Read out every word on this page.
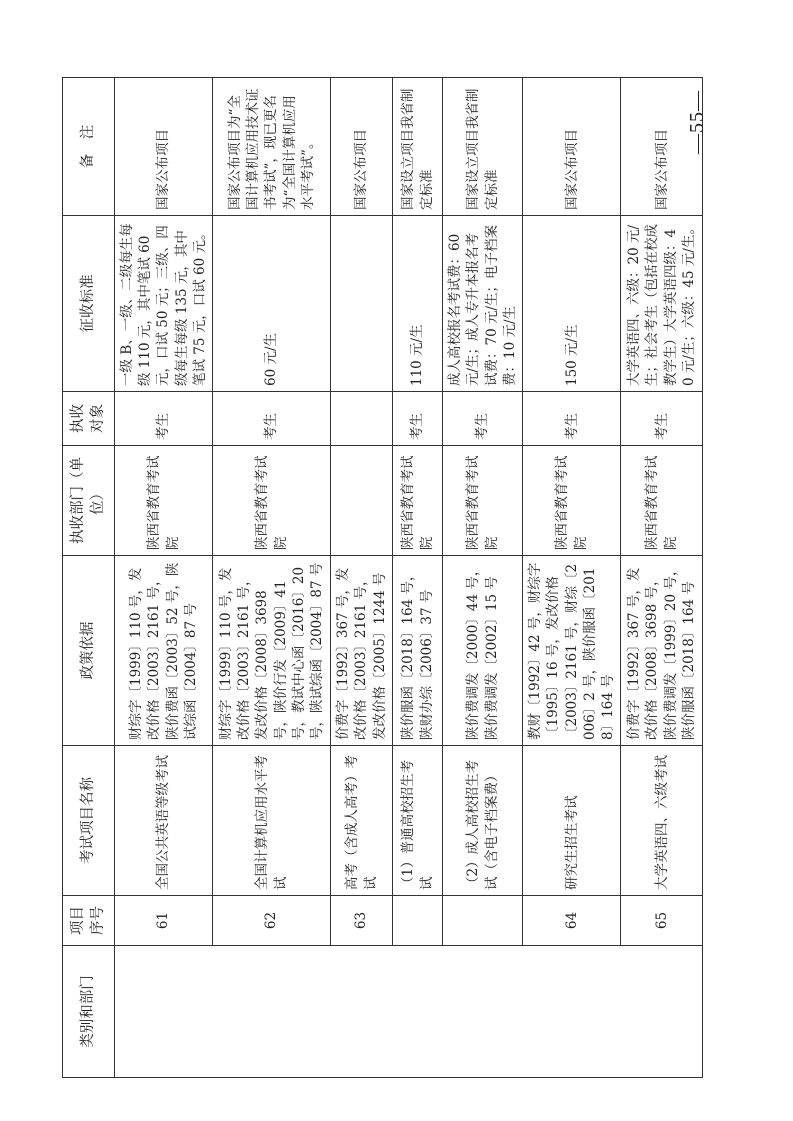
类别和部门	项目序号	考试项目名称	政策依据	执收部门（单位）	执收对象	征收标准	备　注
	61	全国公共英语等级考试	财综字〔1999〕110 号，发改价格〔2003〕2161 号，陕价费函〔2003〕52 号，陕试综函〔2004〕87 号	陕西省教育考试院	考生	一级 B、一级、二级每生每级 110 元，其中笔试 60 元，口试 50 元；三级、四级每生每级 135 元，其中笔试 75 元，口试 60 元。	国家公布项目
	62	全国计算机应用水平考试	财综字〔1999〕110 号，发改价格〔2003〕2161 号，发改价格〔2008〕3698 号，陕价行发〔2009〕41 号，教试中心函〔2016〕20 号，陕试综函〔2004〕87 号	陕西省教育考试院	考生	60 元/生	国家公布项目为“全国计算机应用技术证书考试”，现已更名为“全国计算机应用水平考试”。
	63	高考（含成人高考）考试	价费字〔1992〕367 号，发改价格〔2003〕2161 号，发改价格〔2005〕1244 号				国家公布项目
		（1）普通高校招生考试	陕价服函〔2018〕164 号，陕财办综〔2006〕37 号	陕西省教育考试院	考生	110 元/生	国家设立项目我省制定标准
		（2）成人高校招生考试（含电子档案费）	陕价费调发〔2000〕44 号，陕价费调发〔2002〕15 号	陕西省教育考试院	考生	成人高校报名考试费：60 元/生；成人专升本报名考试费：70 元/生；电子档案费：10 元/生	国家设立项目我省制定标准
	64	研究生招生考试	教财〔1992〕42 号，财综字〔1995〕16 号，发改价格〔2003〕2161 号，财综〔2006〕2 号，陕价服函〔2018〕164 号	陕西省教育考试院	考生	150 元/生	国家公布项目
	65	大学英语四、六级考试	价费字〔1992〕367 号，发改价格〔2008〕3698 号，陕价费调发〔1999〕20 号，陕价服函〔2018〕164 号	陕西省教育考试院	考生	大学英语四、六级：20 元/生；社会考生（包括在校成教学生）大学英语四级：40 元/生；六级：45 元/生。	国家公布项目
—55—
